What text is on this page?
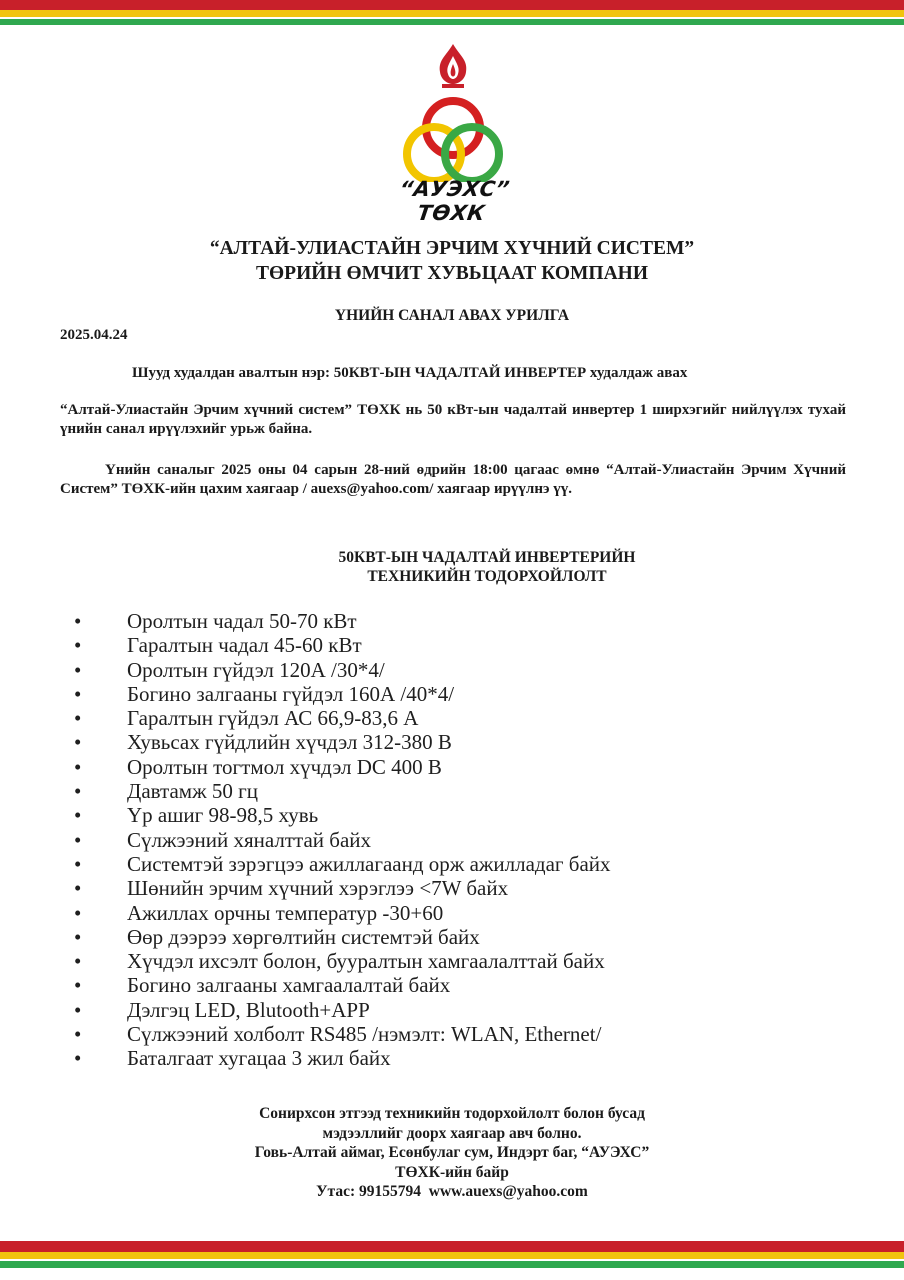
“АУЭХС” ТӨХК
“АЛТАЙ-УЛИАСТАЙН ЭРЧИМ ХҮЧНИЙ СИСТЕМ”
ТӨРИЙН ӨМЧИТ ХУВЬЦААТ КОМПАНИ
ҮНИЙН САНАЛ АВАХ УРИЛГА
2025.04.24
Шууд худалдан авалтын нэр: 50КВТ-ЫН ЧАДАЛТАЙ ИНВЕРТЕР худалдаж авах
“Алтай-Улиастайн Эрчим хүчний систем” ТӨХК нь 50 кВт-ын чадалтай инвертер 1 ширхэгийг нийлүүлэх тухай үнийн санал ирүүлэхийг урьж байна.
Үнийн саналыг 2025 оны 04 сарын 28-ний өдрийн 18:00 цагаас өмнө “Алтай-Улиастайн Эрчим Хүчний Систем” ТӨХК-ийн цахим хаягаар / auexs@yahoo.com/ хаягаар ирүүлнэ үү.
50КВТ-ЫН ЧАДАЛТАЙ ИНВЕРТЕРИЙН
ТЕХНИКИЙН ТОДОРХОЙЛОЛТ
• Оролтын чадал 50-70 кВт
• Гаралтын чадал 45-60 кВт
• Оролтын гүйдэл 120А /30*4/
• Богино залгааны гүйдэл 160А /40*4/
• Гаралтын гүйдэл АС 66,9-83,6 А
• Хувьсах гүйдлийн хүчдэл 312-380 В
• Оролтын тогтмол хүчдэл DC 400 В
• Давтамж 50 гц
• Үр ашиг 98-98,5 хувь
• Сүлжээний хяналттай байх
• Системтэй зэрэгцээ ажиллагаанд орж ажилладаг байх
• Шөнийн эрчим хүчний хэрэглээ <7W байх
• Ажиллах орчны температур -30+60
• Өөр дээрээ хөргөлтийн системтэй байх
• Хүчдэл ихсэлт болон, бууралтын хамгаалалттай байх
• Богино залгааны хамгаалалтай байх
• Дэлгэц LED, Blutooth+APP
• Сүлжээний холболт RS485 /нэмэлт: WLAN, Ethernet/
• Баталгаат хугацаа 3 жил байх
Сонирхсон этгээд техникийн тодорхойлолт болон бусад
мэдээллийг доорх хаягаар авч болно.
Говь-Алтай аймаг, Есөнбулаг сум, Индэрт баг, “АУЭХС”
ТӨХК-ийн байр
Утас: 99155794  www.auexs@yahoo.com
